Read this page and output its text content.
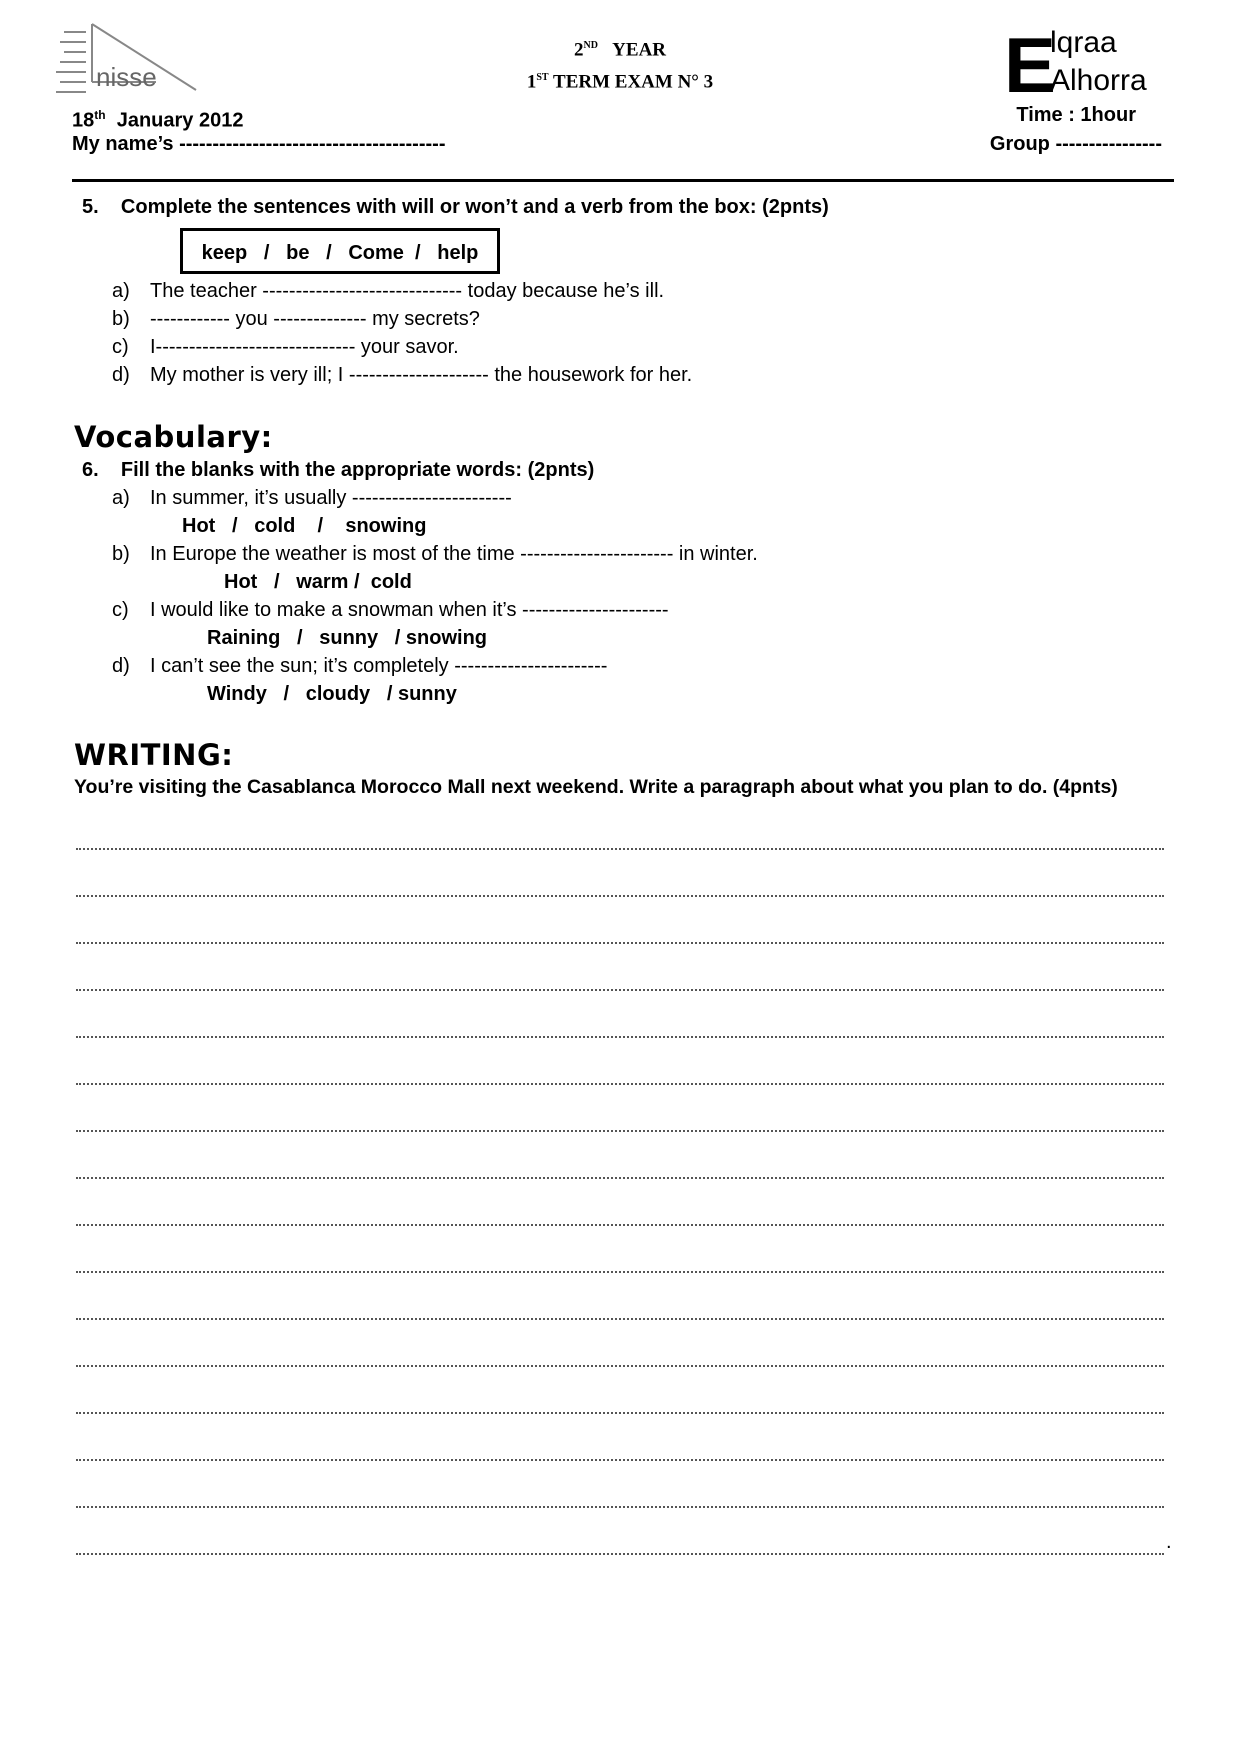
nisse	E
lqraa
Alhorra
2ND YEAR
1ST TERM EXAM N° 3
18th January 2012	Time : 1hour
My name’s ----------------------------------------	Group ----------------
5.    Complete the sentences with will or won’t and a verb from the box: (2pnts)
keep   /   be   /   Come  /   help
a) The teacher ------------------------------ today because he’s ill.
b) ------------ you -------------- my secrets?
c) I------------------------------ your savor.
d) My mother is very ill; I --------------------- the housework for her.
Vocabulary:
6.    Fill the blanks with the appropriate words: (2pnts)
a) In summer, it’s usually ------------------------
Hot   /   cold    /    snowing
b) In Europe the weather is most of the time ----------------------- in winter.
Hot   /   warm /  cold
c) I would like to make a snowman when it’s ----------------------
Raining   /   sunny   / snowing
d) I can’t see the sun; it’s completely -----------------------
Windy   /   cloudy   / sunny
WRITING:
You’re visiting the Casablanca Morocco Mall next weekend. Write a paragraph about what you plan to do. (4pnts)
.
